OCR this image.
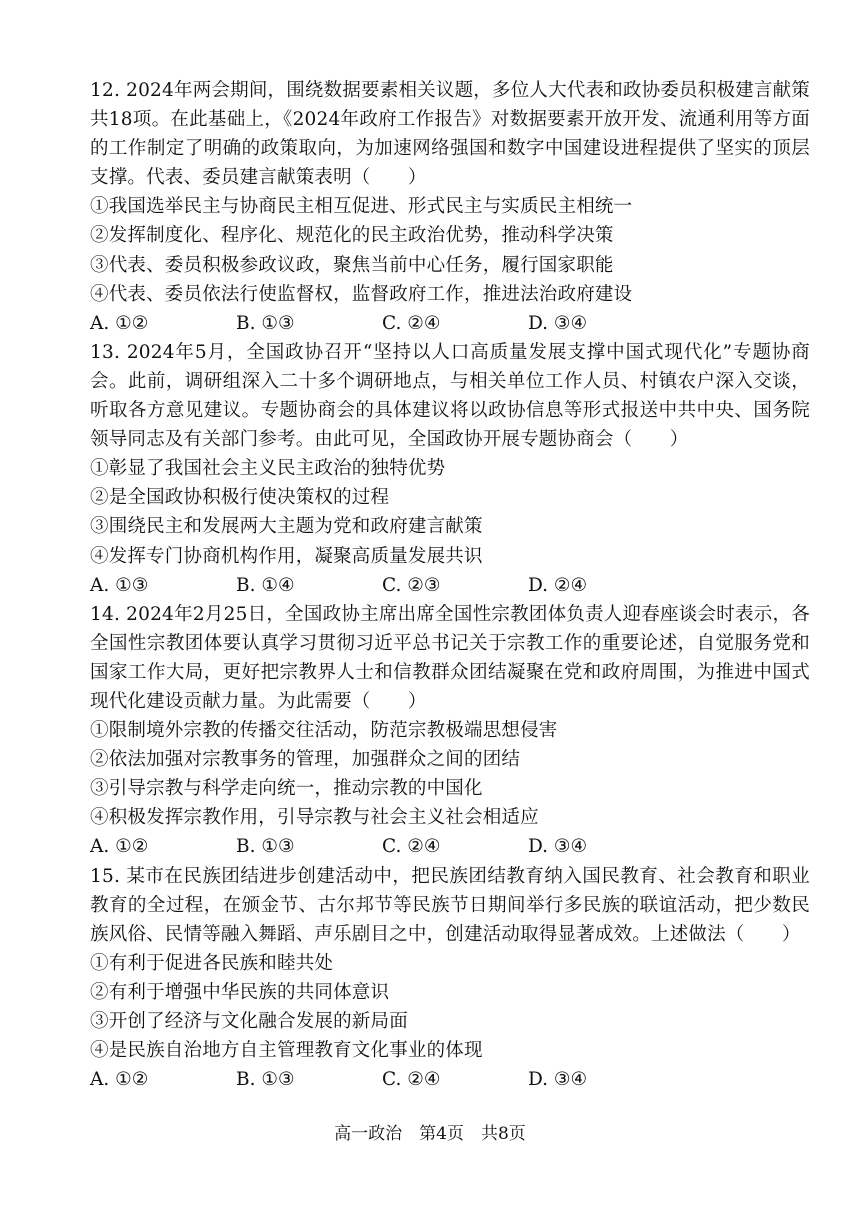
12. 2024年两会期间，围绕数据要素相关议题，多位人大代表和政协委员积极建言献策
共18项。在此基础上，《2024年政府工作报告》对数据要素开放开发、流通利用等方面
的工作制定了明确的政策取向，为加速网络强国和数字中国建设进程提供了坚实的顶层
支撑。代表、委员建言献策表明（　　）
①我国选举民主与协商民主相互促进、形式民主与实质民主相统一
②发挥制度化、程序化、规范化的民主政治优势，推动科学决策
③代表、委员积极参政议政，聚焦当前中心任务，履行国家职能
④代表、委员依法行使监督权，监督政府工作，推进法治政府建设
A. ①②	B. ①③	C. ②④	D. ③④
13. 2024年5月，全国政协召开“坚持以人口高质量发展支撑中国式现代化”专题协商
会。此前，调研组深入二十多个调研地点，与相关单位工作人员、村镇农户深入交谈，
听取各方意见建议。专题协商会的具体建议将以政协信息等形式报送中共中央、国务院
领导同志及有关部门参考。由此可见，全国政协开展专题协商会（　　）
①彰显了我国社会主义民主政治的独特优势
②是全国政协积极行使决策权的过程
③围绕民主和发展两大主题为党和政府建言献策
④发挥专门协商机构作用，凝聚高质量发展共识
A. ①③	B. ①④	C. ②③	D. ②④
14. 2024年2月25日，全国政协主席出席全国性宗教团体负责人迎春座谈会时表示，各
全国性宗教团体要认真学习贯彻习近平总书记关于宗教工作的重要论述，自觉服务党和
国家工作大局，更好把宗教界人士和信教群众团结凝聚在党和政府周围，为推进中国式
现代化建设贡献力量。为此需要（　　）
①限制境外宗教的传播交往活动，防范宗教极端思想侵害
②依法加强对宗教事务的管理，加强群众之间的团结
③引导宗教与科学走向统一，推动宗教的中国化
④积极发挥宗教作用，引导宗教与社会主义社会相适应
A. ①②	B. ①③	C. ②④	D. ③④
15. 某市在民族团结进步创建活动中，把民族团结教育纳入国民教育、社会教育和职业
教育的全过程，在颁金节、古尔邦节等民族节日期间举行多民族的联谊活动，把少数民
族风俗、民情等融入舞蹈、声乐剧目之中，创建活动取得显著成效。上述做法（　　）
①有利于促进各民族和睦共处
②有利于增强中华民族的共同体意识
③开创了经济与文化融合发展的新局面
④是民族自治地方自主管理教育文化事业的体现
A. ①②	B. ①③	C. ②④	D. ③④
高一政治　第4页　共8页
